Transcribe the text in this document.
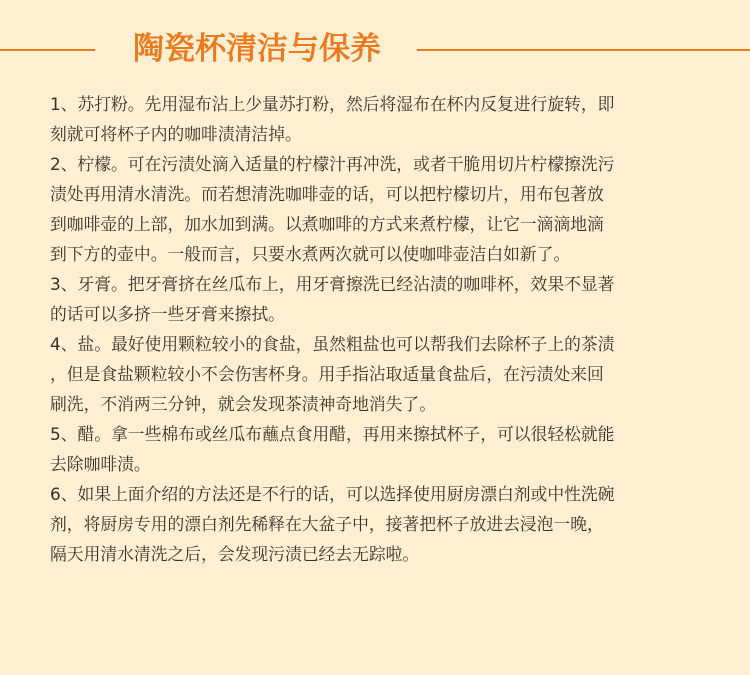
陶瓷杯清洁与保养

1、苏打粉。先用湿布沾上少量苏打粉，然后将湿布在杯内反复进行旋转，即
刻就可将杯子内的咖啡渍清洁掉。

2、柠檬。可在污渍处滴入适量的柠檬汁再冲洗，或者干脆用切片柠檬擦洗污
渍处再用清水清洗。而若想清洗咖啡壶的话，可以把柠檬切片，用布包著放
到咖啡壶的上部，加水加到满。以煮咖啡的方式来煮柠檬，让它一滴滴地滴
到下方的壶中。一般而言，只要水煮两次就可以使咖啡壶洁白如新了。

3、牙膏。把牙膏挤在丝瓜布上，用牙膏擦洗已经沾渍的咖啡杯，效果不显著
的话可以多挤一些牙膏来擦拭。

4、盐。最好使用颗粒较小的食盐，虽然粗盐也可以帮我们去除杯子上的茶渍
，但是食盐颗粒较小不会伤害杯身。用手指沾取适量食盐后，在污渍处来回
刷洗，不消两三分钟，就会发现茶渍神奇地消失了。

5、醋。拿一些棉布或丝瓜布蘸点食用醋，再用来擦拭杯子，可以很轻松就能
去除咖啡渍。

6、如果上面介绍的方法还是不行的话，可以选择使用厨房漂白剂或中性洗碗
剂，将厨房专用的漂白剂先稀释在大盆子中，接著把杯子放进去浸泡一晚，
隔天用清水清洗之后，会发现污渍已经去无踪啦。
